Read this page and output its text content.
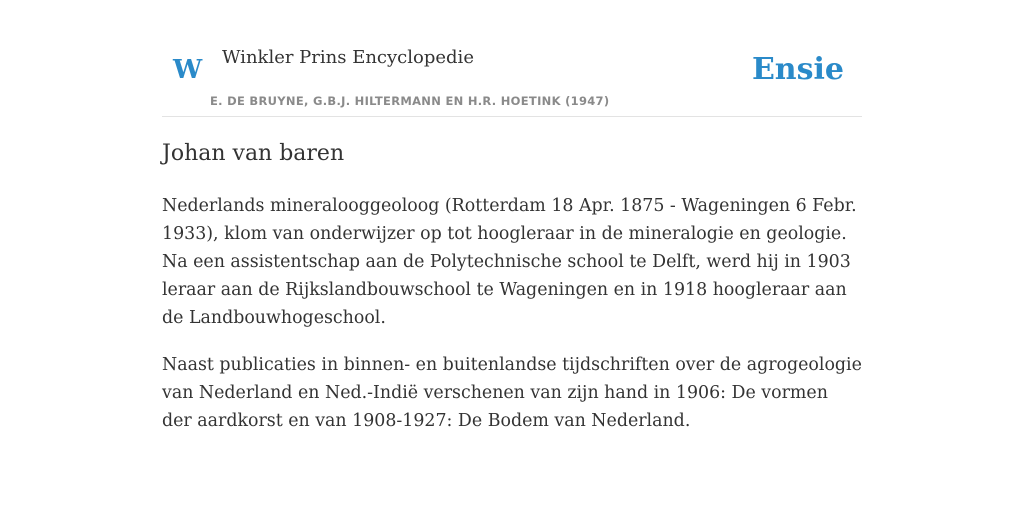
W Winkler Prins Encyclopedie
E. DE BRUYNE, G.B.J. HILTERMANN EN H.R. HOETINK (1947)
Ensie
Johan van baren

Nederlands mineralooggeoloog (Rotterdam 18 Apr. 1875 - Wageningen 6 Febr. 1933), klom van onderwijzer op tot hoogleraar in de mineralogie en geologie. Na een assistentschap aan de Polytechnische school te Delft, werd hij in 1903 leraar aan de Rijkslandbouwschool te Wageningen en in 1918 hoogleraar aan de Landbouwhogeschool.

Naast publicaties in binnen- en buitenlandse tijdschriften over de agrogeologie van Nederland en Ned.-Indië verschenen van zijn hand in 1906: De vormen der aardkorst en van 1908-1927: De Bodem van Nederland.
